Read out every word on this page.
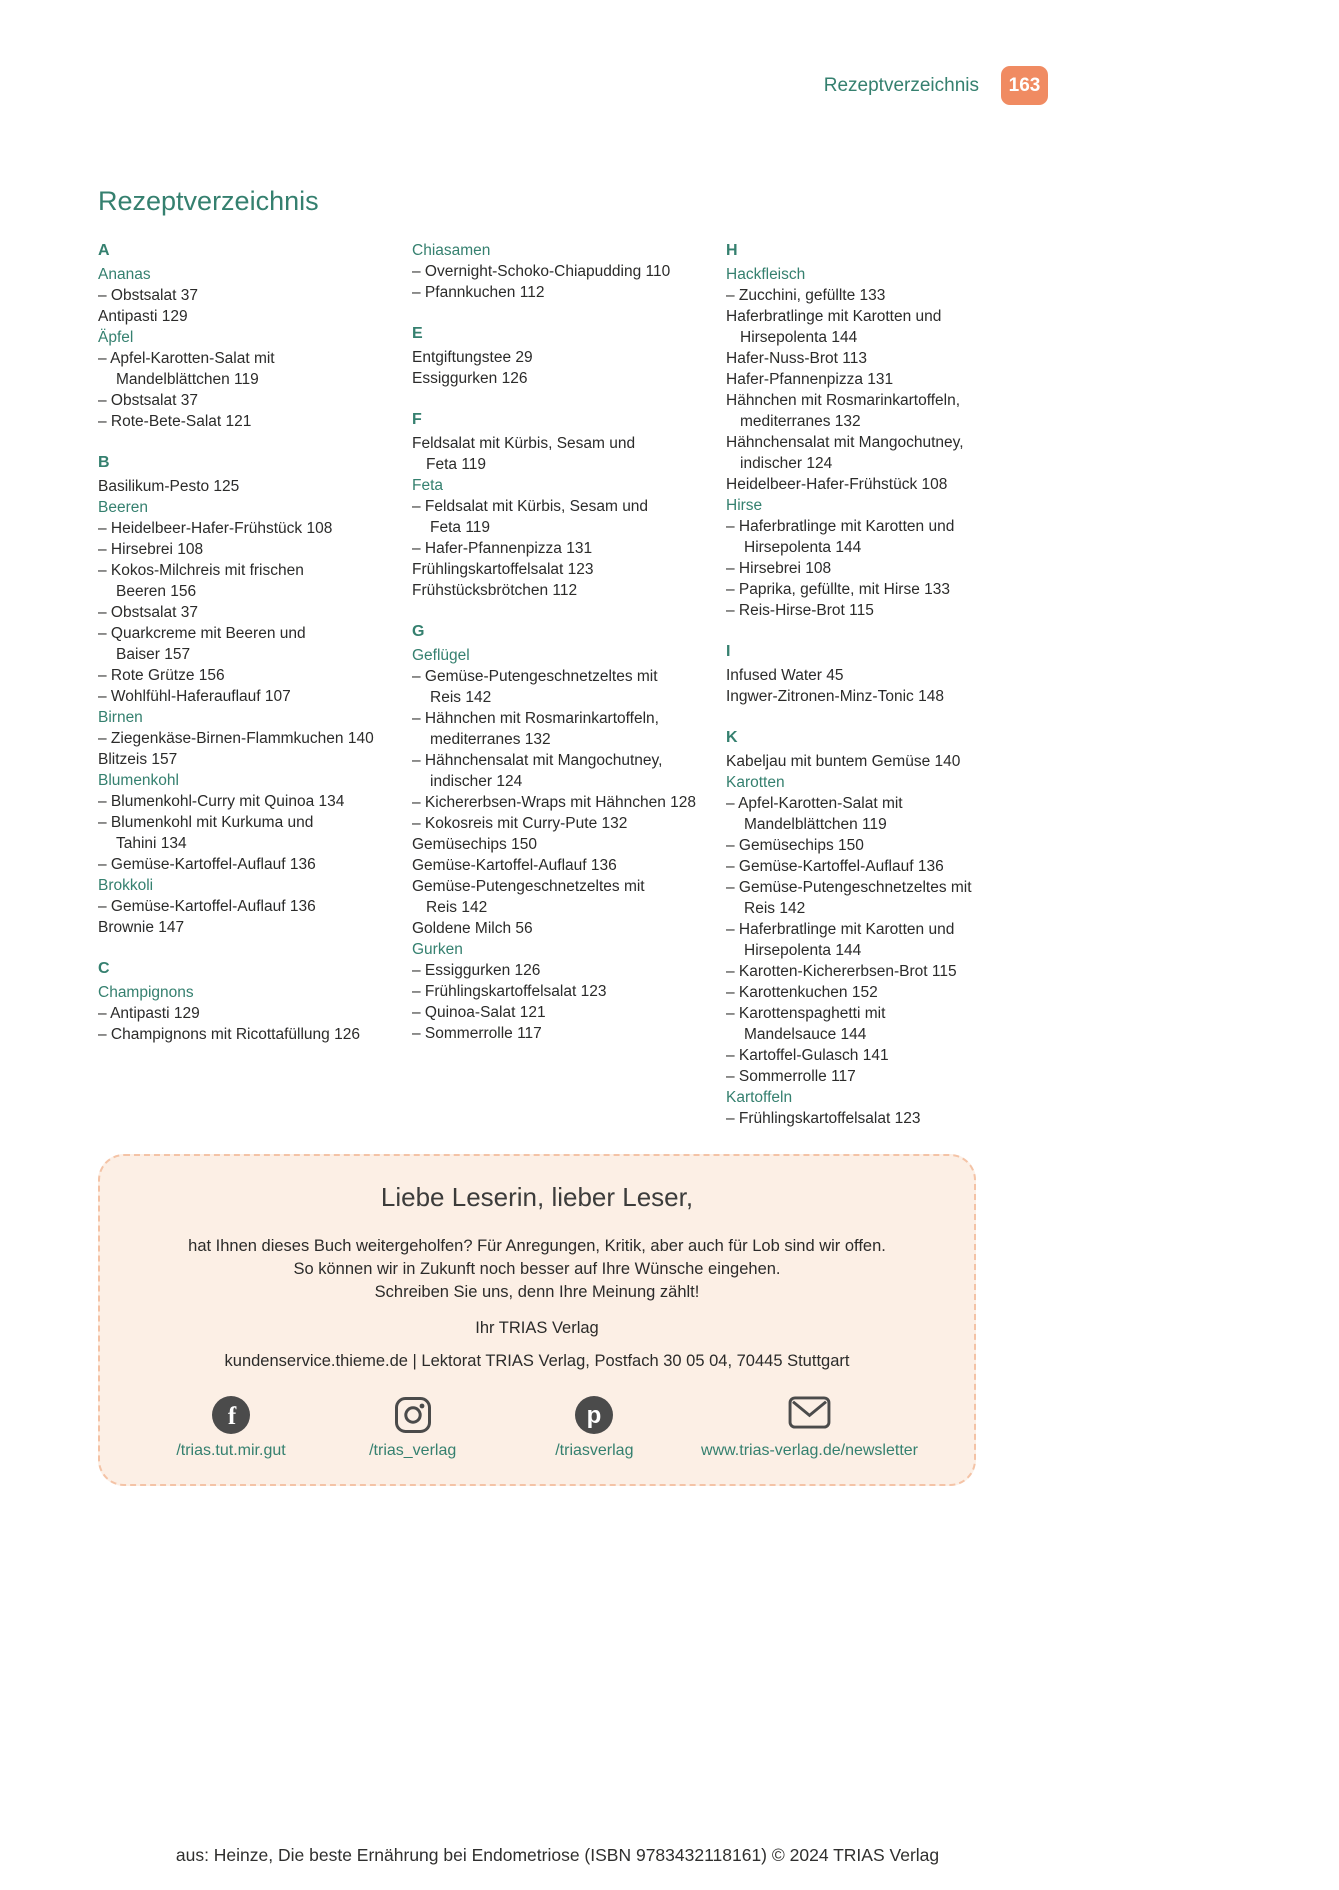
Rezeptverzeichnis	163
Rezeptverzeichnis
A
Ananas
– Obstsalat 37
Antipasti 129
Äpfel
– Apfel-Karotten-Salat mit Mandelblättchen 119
– Obstsalat 37
– Rote-Bete-Salat 121
B
Basilikum-Pesto 125
Beeren
– Heidelbeer-Hafer-Frühstück 108
– Hirsebrei 108
– Kokos-Milchreis mit frischen Beeren 156
– Obstsalat 37
– Quarkcreme mit Beeren und Baiser 157
– Rote Grütze 156
– Wohlfühl-Haferauflauf 107
Birnen
– Ziegenkäse-Birnen-Flammkuchen 140
Blitzeis 157
Blumenkohl
– Blumenkohl-Curry mit Quinoa 134
– Blumenkohl mit Kurkuma und Tahini 134
– Gemüse-Kartoffel-Auflauf 136
Brokkoli
– Gemüse-Kartoffel-Auflauf 136
Brownie 147
C
Champignons
– Antipasti 129
– Champignons mit Ricottafüllung 126
Chiasamen
– Overnight-Schoko-Chiapudding 110
– Pfannkuchen 112
E
Entgiftungstee 29
Essiggurken 126
F
Feldsalat mit Kürbis, Sesam und Feta 119
Feta
– Feldsalat mit Kürbis, Sesam und Feta 119
– Hafer-Pfannenpizza 131
Frühlingskartoffelsalat 123
Frühstücksbrötchen 112
G
Geflügel
– Gemüse-Putengeschnetzeltes mit Reis 142
– Hähnchen mit Rosmarinkartoffeln, mediterranes 132
– Hähnchensalat mit Mangochutney, indischer 124
– Kichererbsen-Wraps mit Hähnchen 128
– Kokosreis mit Curry-Pute 132
Gemüsechips 150
Gemüse-Kartoffel-Auflauf 136
Gemüse-Putengeschnetzeltes mit Reis 142
Goldene Milch 56
Gurken
– Essiggurken 126
– Frühlingskartoffelsalat 123
– Quinoa-Salat 121
– Sommerrolle 117
H
Hackfleisch
– Zucchini, gefüllte 133
Haferbratlinge mit Karotten und Hirsepolenta 144
Hafer-Nuss-Brot 113
Hafer-Pfannenpizza 131
Hähnchen mit Rosmarinkartoffeln, mediterranes 132
Hähnchensalat mit Mangochutney, indischer 124
Heidelbeer-Hafer-Frühstück 108
Hirse
– Haferbratlinge mit Karotten und Hirsepolenta 144
– Hirsebrei 108
– Paprika, gefüllte, mit Hirse 133
– Reis-Hirse-Brot 115
I
Infused Water 45
Ingwer-Zitronen-Minz-Tonic 148
K
Kabeljau mit buntem Gemüse 140
Karotten
– Apfel-Karotten-Salat mit Mandelblättchen 119
– Gemüsechips 150
– Gemüse-Kartoffel-Auflauf 136
– Gemüse-Putengeschnetzeltes mit Reis 142
– Haferbratlinge mit Karotten und Hirsepolenta 144
– Karotten-Kichererbsen-Brot 115
– Karottenkuchen 152
– Karottenspaghetti mit Mandelsauce 144
– Kartoffel-Gulasch 141
– Sommerrolle 117
Kartoffeln
– Frühlingskartoffelsalat 123
Liebe Leserin, lieber Leser,

hat Ihnen dieses Buch weitergeholfen? Für Anregungen, Kritik, aber auch für Lob sind wir offen.

So können wir in Zukunft noch besser auf Ihre Wünsche eingehen.

Schreiben Sie uns, denn Ihre Meinung zählt!

Ihr TRIAS Verlag

kundenservice.thieme.de | Lektorat TRIAS Verlag, Postfach 30 05 04, 70445 Stuttgart

f
/trias.tut.mir.gut	/trias_verlag
p
/triasverlag	www.trias-verlag.de/newsletter
aus: Heinze, Die beste Ernährung bei Endometriose (ISBN 9783432118161) © 2024 TRIAS Verlag
